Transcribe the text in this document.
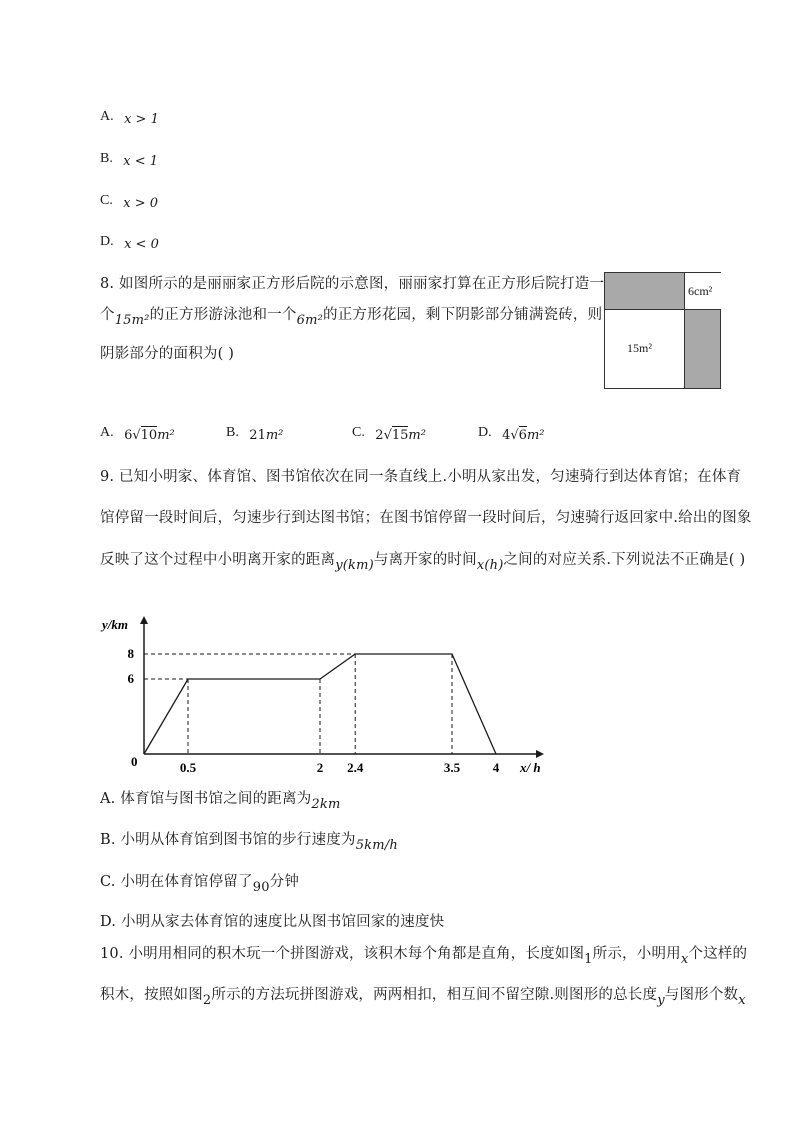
A. x > 1
B. x < 1
C. x > 0
D. x < 0
8. 如图所示的是丽丽家正方形后院的示意图，丽丽家打算在正方形后院打造一
个15m²的正方形游泳池和一个6m²的正方形花园，剩下阴影部分铺满瓷砖，则
阴影部分的面积为( )
6cm²
15m²
A. 6√10m²	B. 21m²	C. 2√15m²	D. 4√6m²
9. 已知小明家、体育馆、图书馆依次在同一条直线上.小明从家出发，匀速骑行到达体育馆；在体育
馆停留一段时间后，匀速步行到达图书馆；在图书馆停留一段时间后，匀速骑行返回家中.给出的图象
反映了这个过程中小明离开家的距离y(km)与离开家的时间x(h)之间的对应关系.下列说法不正确是( )
y/km
x/ h
0	0.5	2 2.4	3.5	4
6
8
A. 体育馆与图书馆之间的距离为2km
B. 小明从体育馆到图书馆的步行速度为5km/h
C. 小明在体育馆停留了90分钟
D. 小明从家去体育馆的速度比从图书馆回家的速度快
10. 小明用相同的积木玩一个拼图游戏，该积木每个角都是直角，长度如图1所示，小明用x个这样的
积木，按照如图2所示的方法玩拼图游戏，两两相扣，相互间不留空隙.则图形的总长度y与图形个数x
